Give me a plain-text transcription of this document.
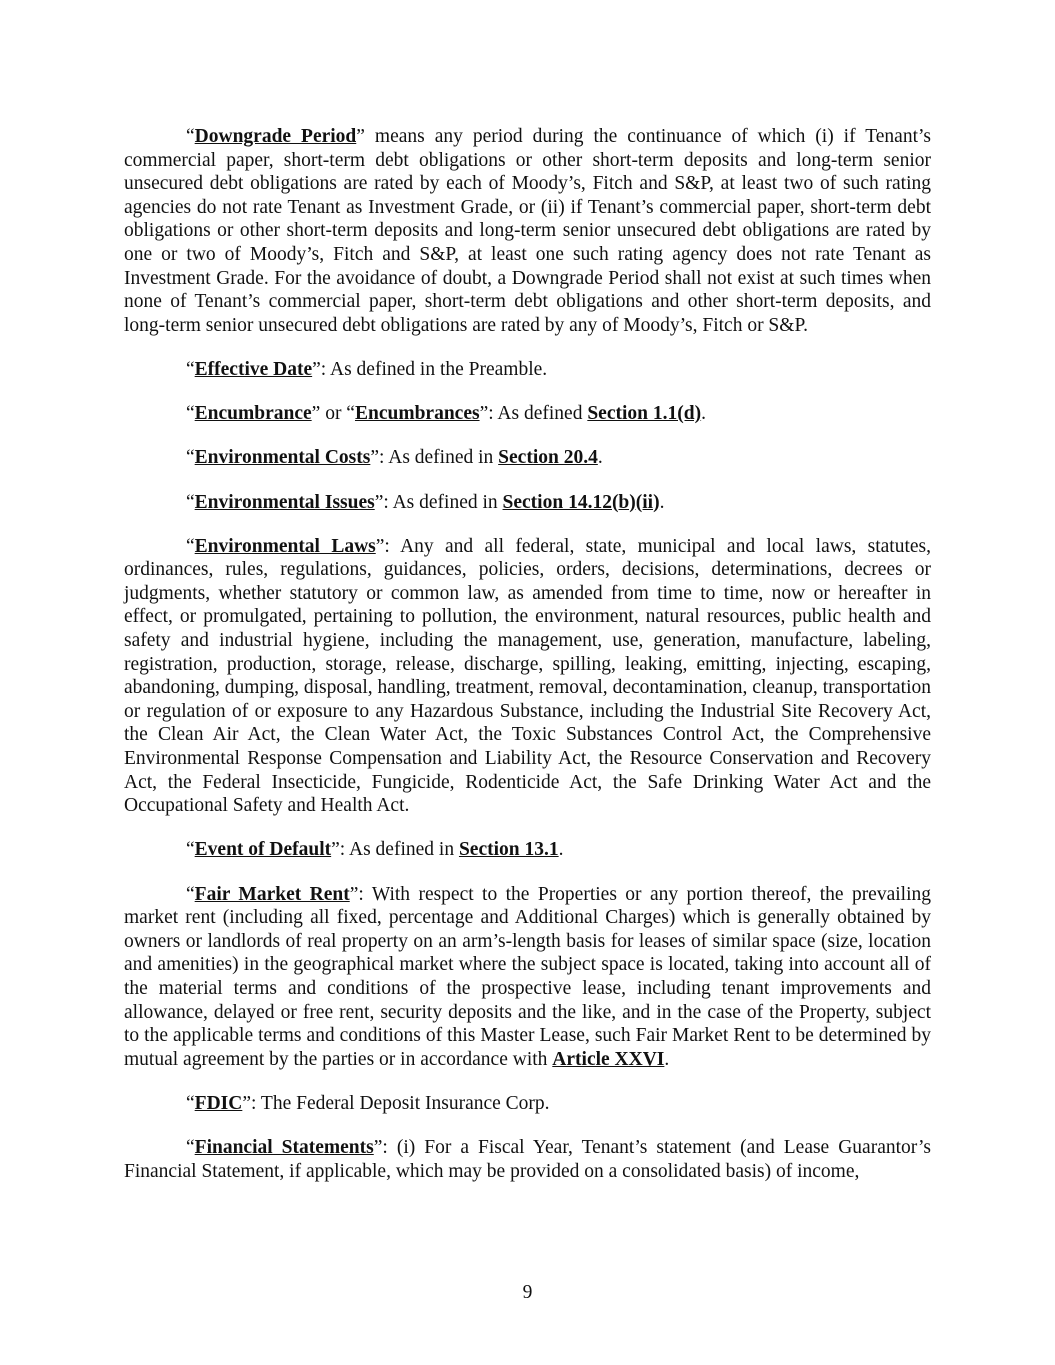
“Downgrade Period” means any period during the continuance of which (i) if Tenant’s commercial paper, short-term debt obligations or other short-term deposits and long-term senior unsecured debt obligations are rated by each of Moody’s, Fitch and S&P, at least two of such rating agencies do not rate Tenant as Investment Grade, or (ii) if Tenant’s commercial paper, short-term debt obligations or other short-term deposits and long-term senior unsecured debt obligations are rated by one or two of Moody’s, Fitch and S&P, at least one such rating agency does not rate Tenant as Investment Grade. For the avoidance of doubt, a Downgrade Period shall not exist at such times when none of Tenant’s commercial paper, short-term debt obligations and other short-term deposits, and long-term senior unsecured debt obligations are rated by any of Moody’s, Fitch or S&P.

“Effective Date”: As defined in the Preamble.

“Encumbrance” or “Encumbrances”: As defined Section 1.1(d).

“Environmental Costs”: As defined in Section 20.4.

“Environmental Issues”: As defined in Section 14.12(b)(ii).

“Environmental Laws”: Any and all federal, state, municipal and local laws, statutes, ordinances, rules, regulations, guidances, policies, orders, decisions, determinations, decrees or judgments, whether statutory or common law, as amended from time to time, now or hereafter in effect, or promulgated, pertaining to pollution, the environment, natural resources, public health and safety and industrial hygiene, including the management, use, generation, manufacture, labeling, registration, production, storage, release, discharge, spilling, leaking, emitting, injecting, escaping, abandoning, dumping, disposal, handling, treatment, removal, decontamination, cleanup, transportation or regulation of or exposure to any Hazardous Substance, including the Industrial Site Recovery Act, the Clean Air Act, the Clean Water Act, the Toxic Substances Control Act, the Comprehensive Environmental Response Compensation and Liability Act, the Resource Conservation and Recovery Act, the Federal Insecticide, Fungicide, Rodenticide Act, the Safe Drinking Water Act and the Occupational Safety and Health Act.

“Event of Default”: As defined in Section 13.1.

“Fair Market Rent”: With respect to the Properties or any portion thereof, the prevailing market rent (including all fixed, percentage and Additional Charges) which is generally obtained by owners or landlords of real property on an arm’s-length basis for leases of similar space (size, location and amenities) in the geographical market where the subject space is located, taking into account all of the material terms and conditions of the prospective lease, including tenant improvements and allowance, delayed or free rent, security deposits and the like, and in the case of the Property, subject to the applicable terms and conditions of this Master Lease, such Fair Market Rent to be determined by mutual agreement by the parties or in accordance with Article XXVI.

“FDIC”: The Federal Deposit Insurance Corp.

“Financial Statements”: (i) For a Fiscal Year, Tenant’s statement (and Lease Guarantor’s Financial Statement, if applicable, which may be provided on a consolidated basis) of income,

9
